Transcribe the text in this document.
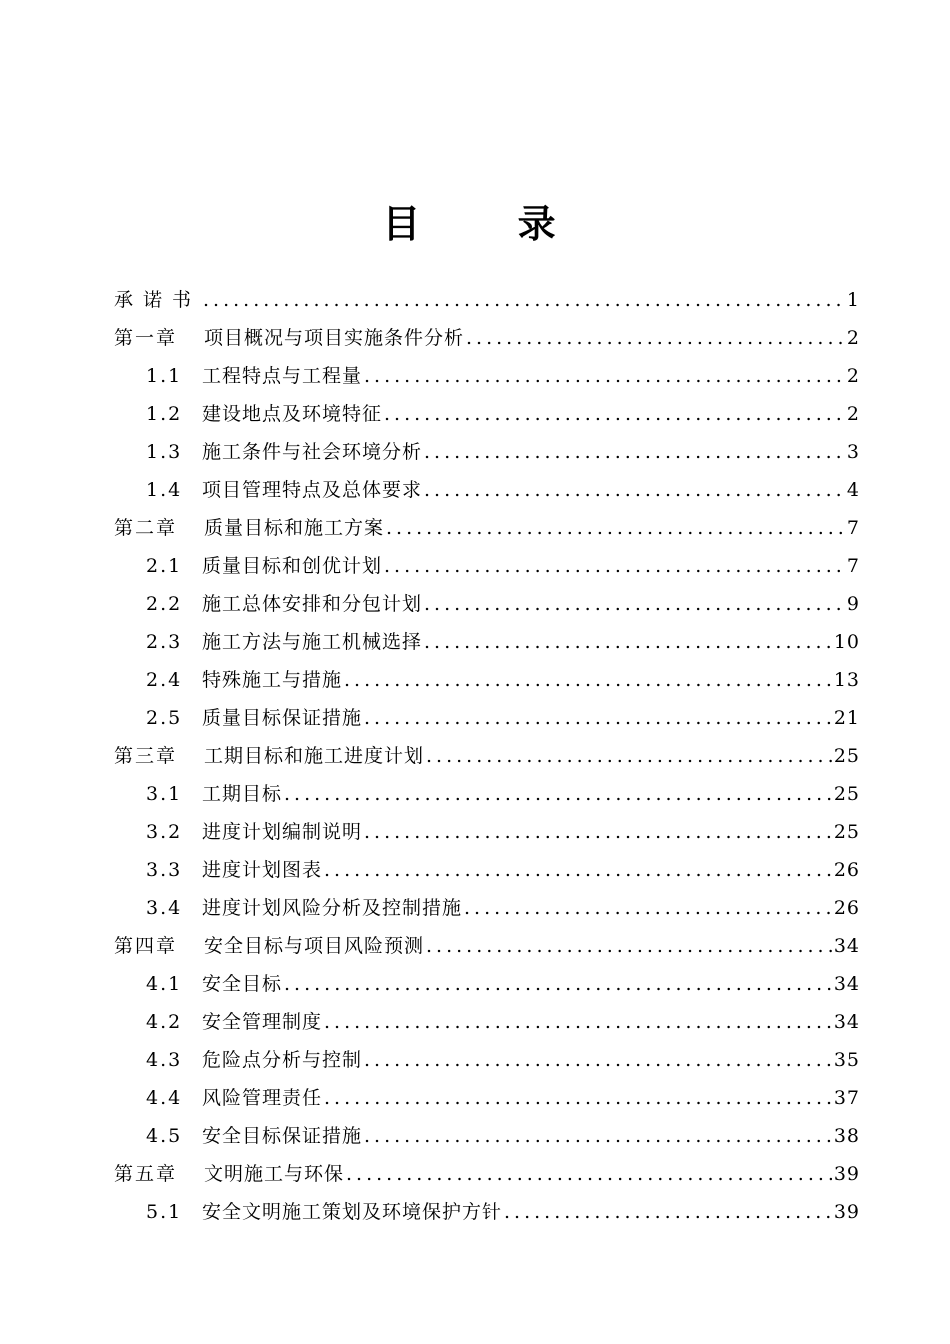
目 录
承诺书 .....	1
第一章	项目概况与项目实施条件分析 .....	2
1.1	工程特点与工程量 .....	2
1.2	建设地点及环境特征 .....	2
1.3	施工条件与社会环境分析 .....	3
1.4	项目管理特点及总体要求 .....	4
第二章	质量目标和施工方案 .....	7
2.1	质量目标和创优计划 .....	7
2.2	施工总体安排和分包计划 .....	9
2.3	施工方法与施工机械选择 .....	10
2.4	特殊施工与措施 .....	13
2.5	质量目标保证措施 .....	21
第三章	工期目标和施工进度计划 .....	25
3.1	工期目标 .....	25
3.2	进度计划编制说明 .....	25
3.3	进度计划图表 .....	26
3.4	进度计划风险分析及控制措施 .....	26
第四章	安全目标与项目风险预测 .....	34
4.1	安全目标 .....	34
4.2	安全管理制度 .....	34
4.3	危险点分析与控制 .....	35
4.4	风险管理责任 .....	37
4.5	安全目标保证措施 .....	38
第五章	文明施工与环保 .....	39
5.1	安全文明施工策划及环境保护方针 .....	39
